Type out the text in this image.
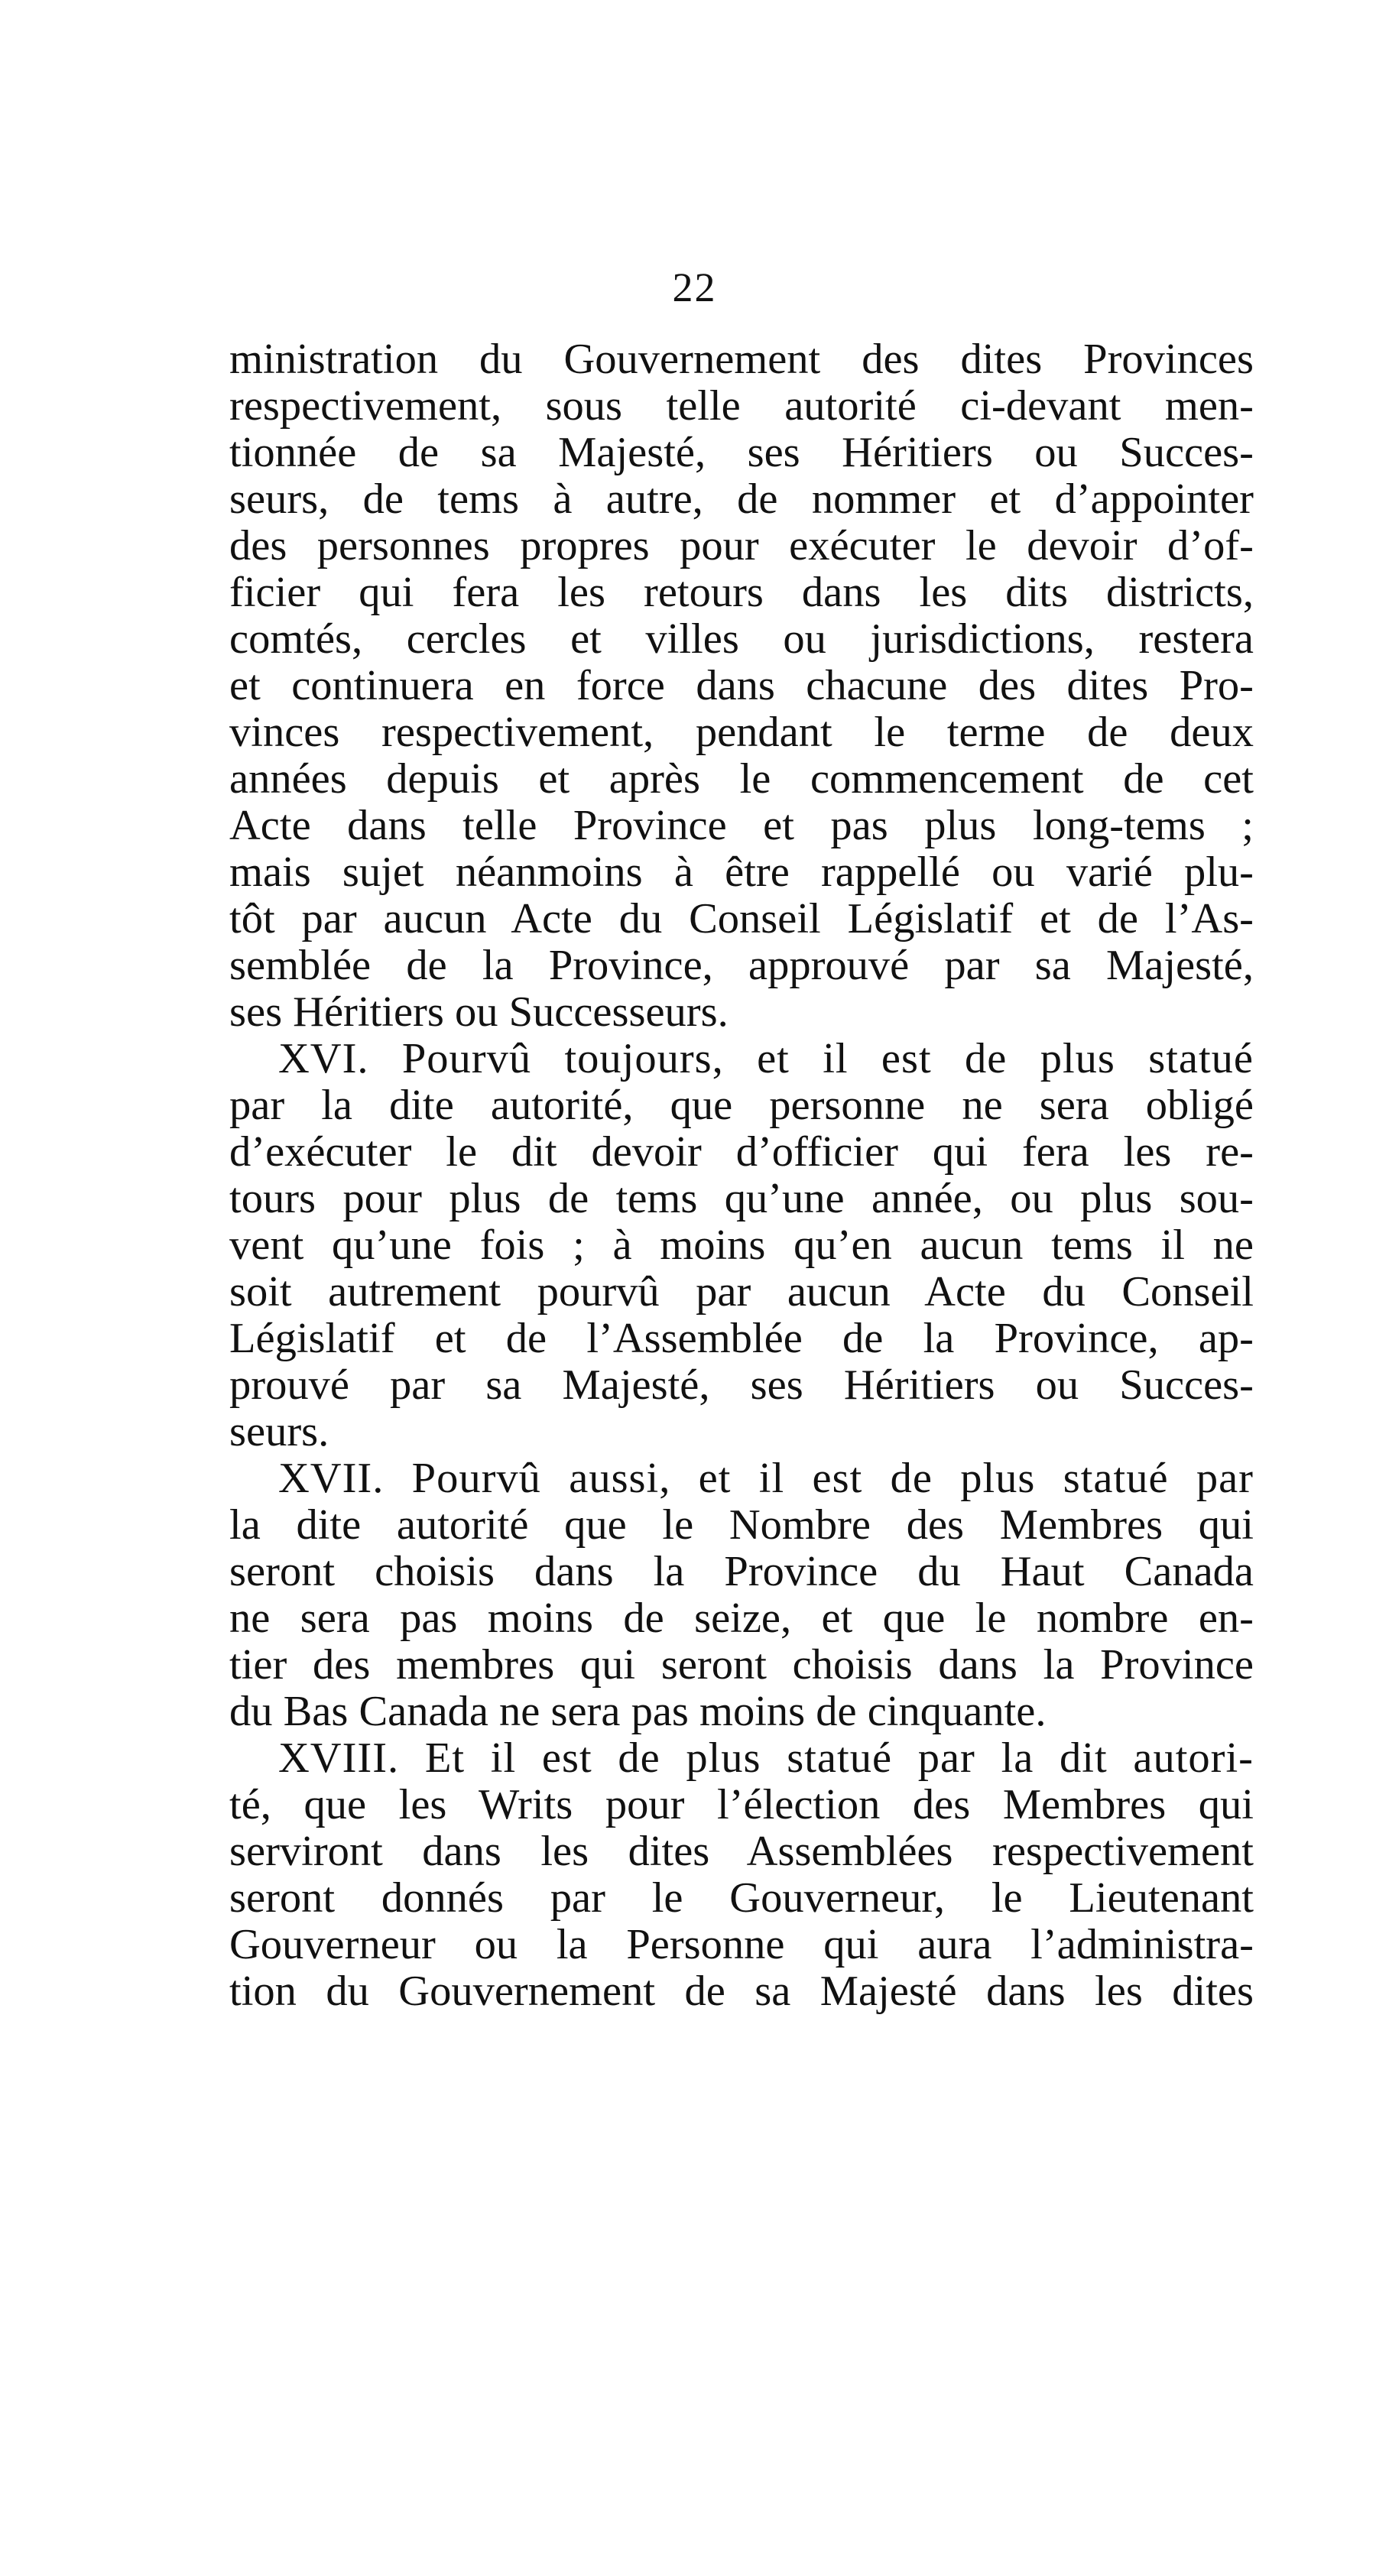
22
ministration du Gouvernement des dites Provinces
respectivement, sous telle autorité ci-devant men-
tionnée de sa Majesté, ses Héritiers ou Succes-
seurs, de tems à autre, de nommer et d’appointer
des personnes propres pour exécuter le devoir d’of-
ficier qui fera les retours dans les dits districts,
comtés, cercles et villes ou jurisdictions, restera
et continuera en force dans chacune des dites Pro-
vinces respectivement, pendant le terme de deux
années depuis et après le commencement de cet
Acte dans telle Province et pas plus long-tems ;
mais sujet néanmoins à être rappellé ou varié plu-
tôt par aucun Acte du Conseil Législatif et de l’As-
semblée de la Province, approuvé par sa Majesté,
ses Héritiers ou Successeurs.
XVI. Pourvû toujours, et il est de plus statué
par la dite autorité, que personne ne sera obligé
d’exécuter le dit devoir d’officier qui fera les re-
tours pour plus de tems qu’une année, ou plus sou-
vent qu’une fois ; à moins qu’en aucun tems il ne
soit autrement pourvû par aucun Acte du Conseil
Législatif et de l’Assemblée de la Province, ap-
prouvé par sa Majesté, ses Héritiers ou Succes-
seurs.
XVII. Pourvû aussi, et il est de plus statué par
la dite autorité que le Nombre des Membres qui
seront choisis dans la Province du Haut Canada
ne sera pas moins de seize, et que le nombre en-
tier des membres qui seront choisis dans la Province
du Bas Canada ne sera pas moins de cinquante.
XVIII. Et il est de plus statué par la dit autori-
té, que les Writs pour l’élection des Membres qui
serviront dans les dites Assemblées respectivement
seront donnés par le Gouverneur, le Lieutenant
Gouverneur ou la Personne qui aura l’administra-
tion du Gouvernement de sa Majesté dans les dites
